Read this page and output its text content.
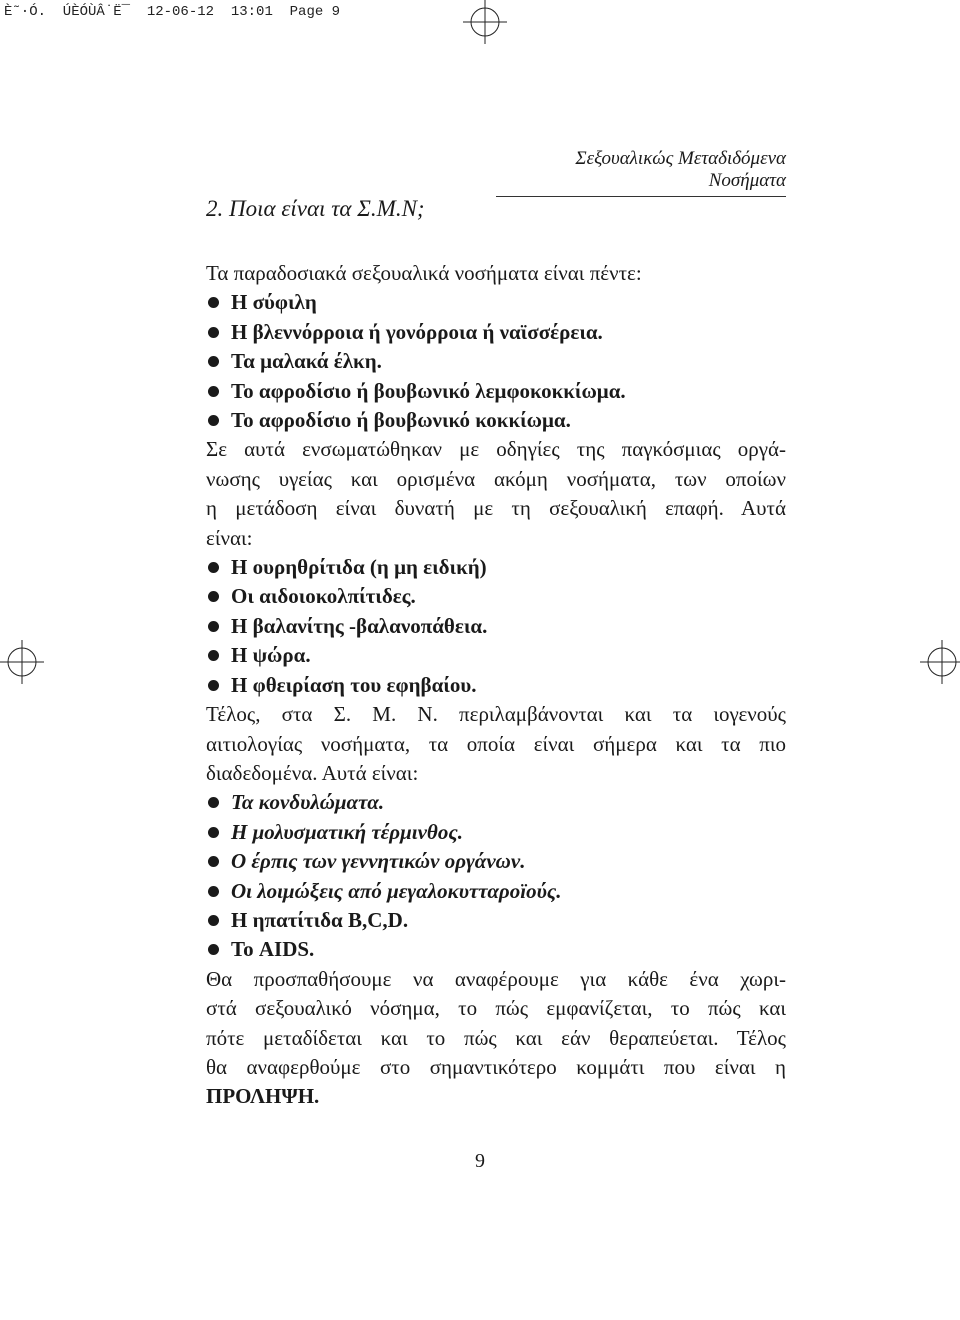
È˜·Ó.  ÚÈÓÙÂ˙Ë¯  12-06-12  13:01  Page 9
Σεξουαλικώς Μεταδιδόμενα Νοσήματα
2. Ποια είναι τα Σ.Μ.Ν;

Τα παραδοσιακά σεξουαλικά νοσήματα είναι πέντε:

Η σύφιλη
Η βλεννόρροια ή γονόρροια ή ναϊσσέρεια.
Τα μαλακά έλκη.
Το αφροδίσιο ή βουβωνικό λεμφοκοκκίωμα.
Το αφροδίσιο ή βουβωνικό κοκκίωμα.

Σε αυτά ενσωματώθηκαν με οδηγίες της παγκόσμιας οργά-

νωσης υγείας και ορισμένα ακόμη νοσήματα, των οποίων

η μετάδοση είναι δυνατή με τη σεξουαλική επαφή. Αυτά

είναι:

Η ουρηθρίτιδα (η μη ειδική)
Οι αιδοιοκολπίτιδες.
Η βαλανίτης -βαλανοπάθεια.
Η ψώρα.
Η φθειρίαση του εφηβαίου.

Τέλος, στα Σ. Μ. Ν. περιλαμβάνονται και τα ιογενούς

αιτιολογίας νοσήματα, τα οποία είναι σήμερα και τα πιο

διαδεδομένα. Αυτά είναι:

Τα κονδυλώματα.
Η μολυσματική τέρμινθος.
Ο έρπις των γεννητικών οργάνων.
Οι λοιμώξεις από μεγαλοκυτταροϊούς.
Η ηπατίτιδα B,C,D.
Το AIDS.

Θα προσπαθήσουμε να αναφέρουμε για κάθε ένα χωρι-

στά σεξουαλικό νόσημα, το πώς εμφανίζεται, το πώς και

πότε μεταδίδεται και το πώς και εάν θεραπεύεται. Τέλος

θα αναφερθούμε στο σημαντικότερο κομμάτι που είναι η

ΠΡΟΛΗΨΗ.

9
